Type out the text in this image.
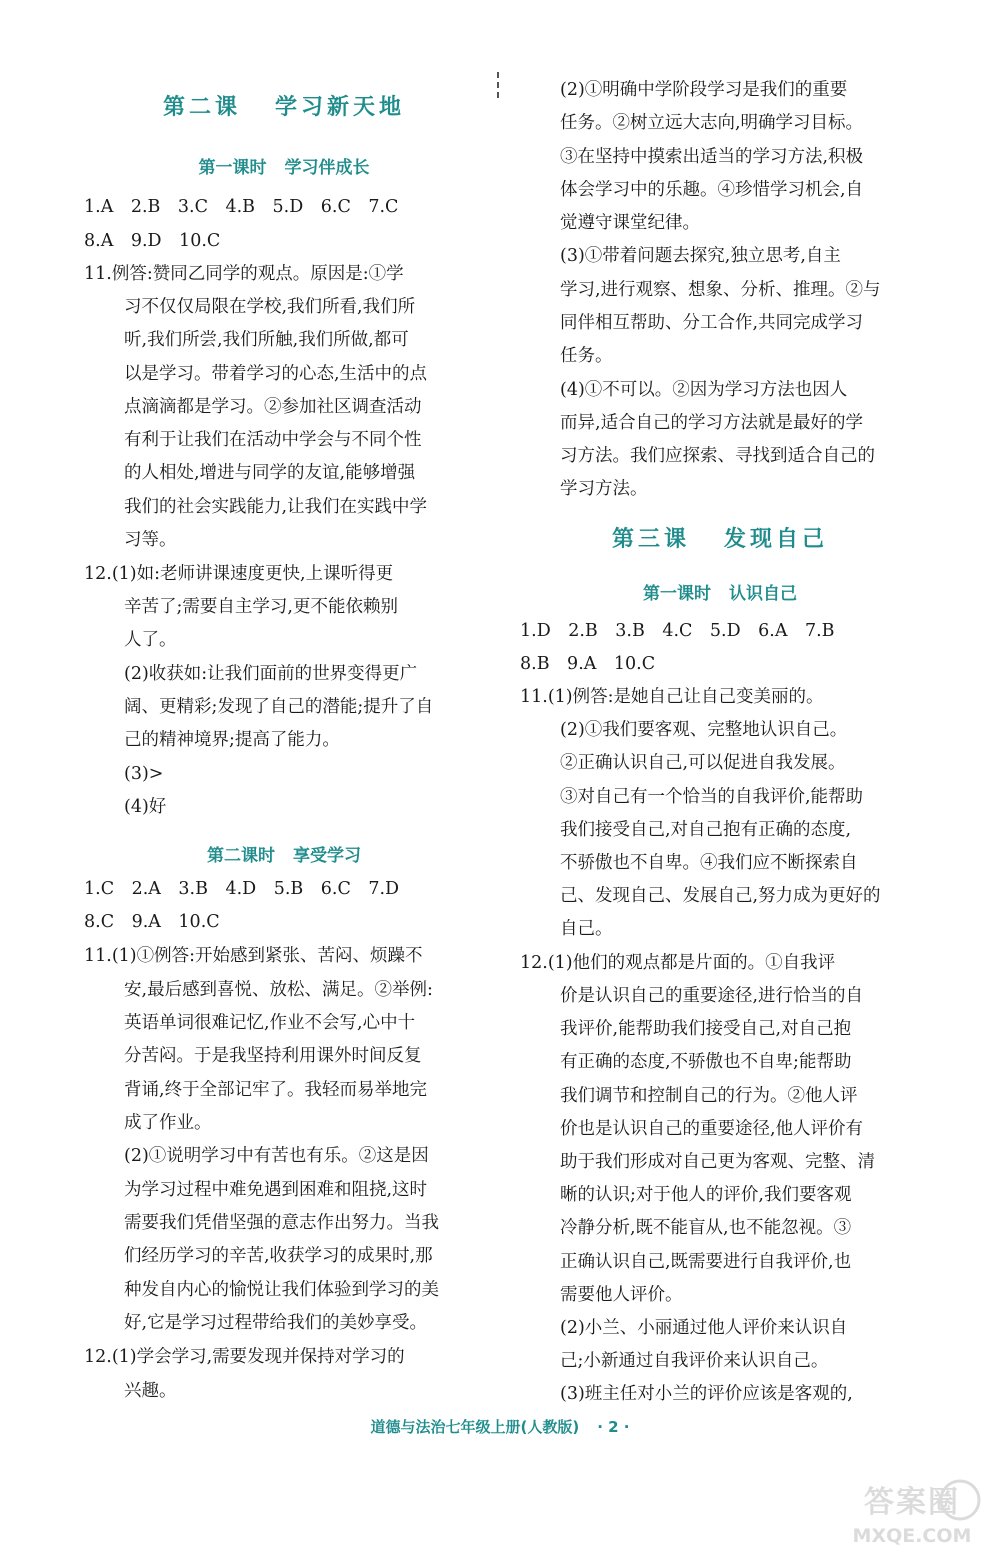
第二课 学习新天地
第一课时 学习伴成长
1.A　2.B　3.C　4.B　5.D　6.C　7.C
8.A　9.D　10.C
11.例答:赞同乙同学的观点。原因是:①学
习不仅仅局限在学校,我们所看,我们所
听,我们所尝,我们所触,我们所做,都可
以是学习。带着学习的心态,生活中的点
点滴滴都是学习。②参加社区调查活动
有利于让我们在活动中学会与不同个性
的人相处,增进与同学的友谊,能够增强
我们的社会实践能力,让我们在实践中学
习等。
12.(1)如:老师讲课速度更快,上课听得更
辛苦了;需要自主学习,更不能依赖别
人了。
(2)收获如:让我们面前的世界变得更广
阔、更精彩;发现了自己的潜能;提升了自
己的精神境界;提高了能力。
(3)>
(4)好
第二课时 享受学习
1.C　2.A　3.B　4.D　5.B　6.C　7.D
8.C　9.A　10.C
11.(1)①例答:开始感到紧张、苦闷、烦躁不
安,最后感到喜悦、放松、满足。②举例:
英语单词很难记忆,作业不会写,心中十
分苦闷。于是我坚持利用课外时间反复
背诵,终于全部记牢了。我轻而易举地完
成了作业。
(2)①说明学习中有苦也有乐。②这是因
为学习过程中难免遇到困难和阻挠,这时
需要我们凭借坚强的意志作出努力。当我
们经历学习的辛苦,收获学习的成果时,那
种发自内心的愉悦让我们体验到学习的美
好,它是学习过程带给我们的美妙享受。
12.(1)学会学习,需要发现并保持对学习的
兴趣。
(2)①明确中学阶段学习是我们的重要
任务。②树立远大志向,明确学习目标。
③在坚持中摸索出适当的学习方法,积极
体会学习中的乐趣。④珍惜学习机会,自
觉遵守课堂纪律。
(3)①带着问题去探究,独立思考,自主
学习,进行观察、想象、分析、推理。②与
同伴相互帮助、分工合作,共同完成学习
任务。
(4)①不可以。②因为学习方法也因人
而异,适合自己的学习方法就是最好的学
习方法。我们应探索、寻找到适合自己的
学习方法。
第三课 发现自己
第一课时 认识自己
1.D　2.B　3.B　4.C　5.D　6.A　7.B
8.B　9.A　10.C
11.(1)例答:是她自己让自己变美丽的。
(2)①我们要客观、完整地认识自己。
②正确认识自己,可以促进自我发展。
③对自己有一个恰当的自我评价,能帮助
我们接受自己,对自己抱有正确的态度,
不骄傲也不自卑。④我们应不断探索自
己、发现自己、发展自己,努力成为更好的
自己。
12.(1)他们的观点都是片面的。①自我评
价是认识自己的重要途径,进行恰当的自
我评价,能帮助我们接受自己,对自己抱
有正确的态度,不骄傲也不自卑;能帮助
我们调节和控制自己的行为。②他人评
价也是认识自己的重要途径,他人评价有
助于我们形成对自己更为客观、完整、清
晰的认识;对于他人的评价,我们要客观
冷静分析,既不能盲从,也不能忽视。③
正确认识自己,既需要进行自我评价,也
需要他人评价。
(2)小兰、小丽通过他人评价来认识自
己;小新通过自我评价来认识自己。
(3)班主任对小兰的评价应该是客观的,
道德与法治七年级上册(人教版) · 2 ·
答案圈
MXQE.COM
